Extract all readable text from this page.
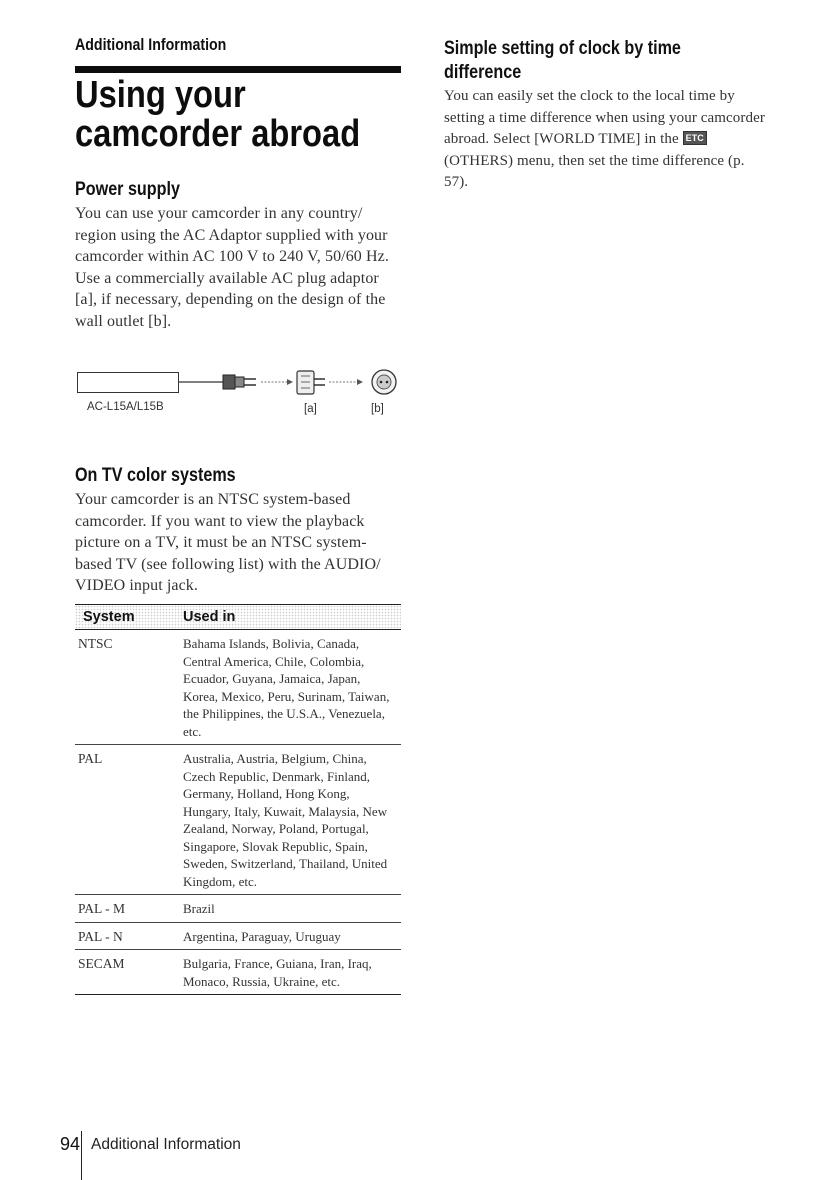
Additional Information
Using your camcorder abroad
Power supply

You can use your camcorder in any country/ region using the AC Adaptor supplied with your camcorder within AC 100 V to 240 V, 50/60 Hz.

Use a commercially available AC plug adaptor [a], if necessary, depending on the design of the wall outlet [b].

AC-L15A/L15B	[a]	[b]
On TV color systems
Your camcorder is an NTSC system-based camcorder. If you want to view the playback picture on a TV, it must be an NTSC system-based TV (see following list) with the AUDIO/ VIDEO input jack.
System	Used in
NTSC	Bahama Islands, Bolivia, Canada, Central America, Chile, Colombia, Ecuador, Guyana, Jamaica, Japan, Korea, Mexico, Peru, Surinam, Taiwan, the Philippines, the U.S.A., Venezuela, etc.
PAL	Australia, Austria, Belgium, China, Czech Republic, Denmark, Finland, Germany, Holland, Hong Kong, Hungary, Italy, Kuwait, Malaysia, New Zealand, Norway, Poland, Portugal, Singapore, Slovak Republic, Spain, Sweden, Switzerland, Thailand, United Kingdom, etc.
PAL - M	Brazil
PAL - N	Argentina, Paraguay, Uruguay
SECAM	Bulgaria, France, Guiana, Iran, Iraq, Monaco, Russia, Ukraine, etc.
Simple setting of clock by time
difference
You can easily set the clock to the local time by setting a time difference when using your camcorder abroad. Select [WORLD TIME] in the ETC (OTHERS) menu, then set the time difference (p. 57).
94 Additional Information
